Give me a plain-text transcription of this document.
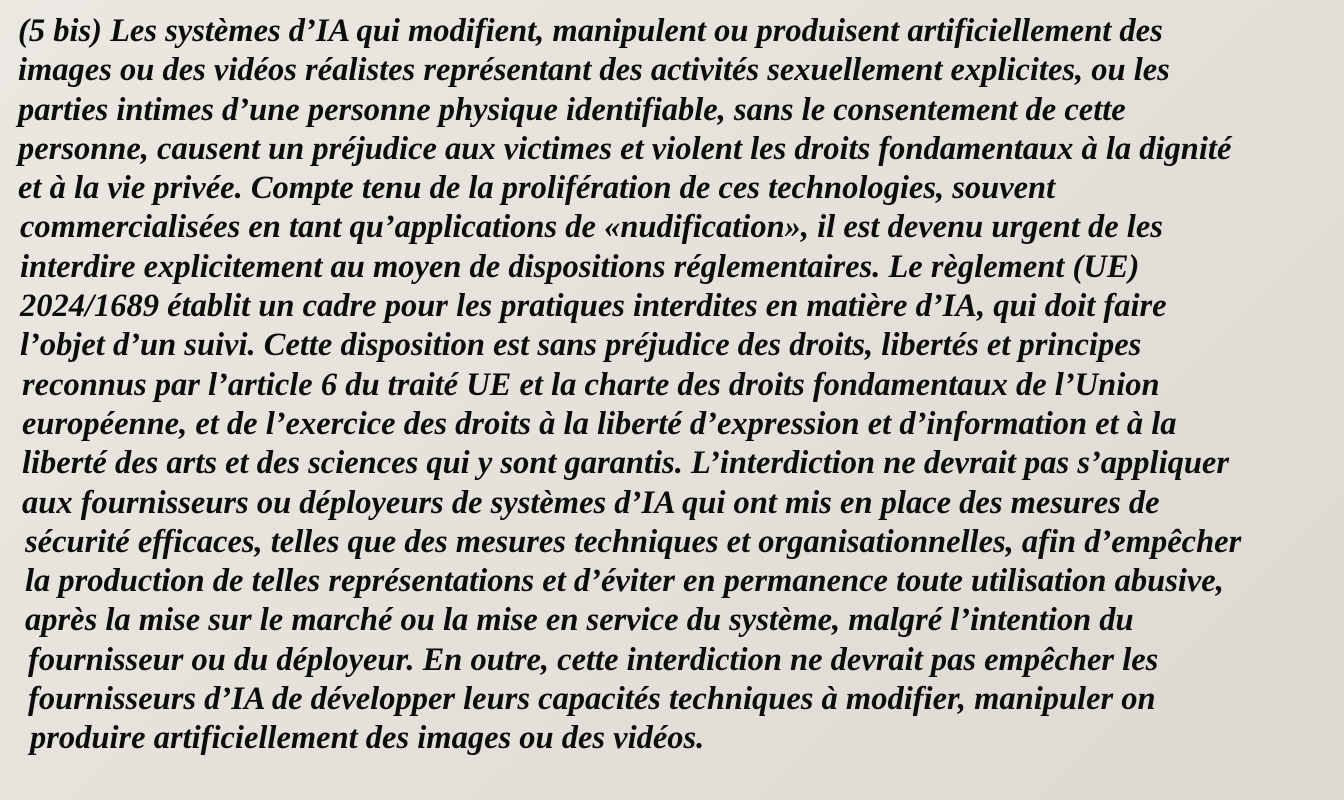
(5 bis) Les systèmes d’IA qui modifient, manipulent ou produisent artificiellement des
images ou des vidéos réalistes représentant des activités sexuellement explicites, ou les
parties intimes d’une personne physique identifiable, sans le consentement de cette
personne, causent un préjudice aux victimes et violent les droits fondamentaux à la dignité
et à la vie privée. Compte tenu de la prolifération de ces technologies, souvent
commercialisées en tant qu’applications de «nudification», il est devenu urgent de les
interdire explicitement au moyen de dispositions réglementaires. Le règlement (UE)
2024/1689 établit un cadre pour les pratiques interdites en matière d’IA, qui doit faire
l’objet d’un suivi. Cette disposition est sans préjudice des droits, libertés et principes
reconnus par l’article 6 du traité UE et la charte des droits fondamentaux de l’Union
européenne, et de l’exercice des droits à la liberté d’expression et d’information et à la
liberté des arts et des sciences qui y sont garantis. L’interdiction ne devrait pas s’appliquer
aux fournisseurs ou déployeurs de systèmes d’IA qui ont mis en place des mesures de
sécurité efficaces, telles que des mesures techniques et organisationnelles, afin d’empêcher
la production de telles représentations et d’éviter en permanence toute utilisation abusive,
après la mise sur le marché ou la mise en service du système, malgré l’intention du
fournisseur ou du déployeur. En outre, cette interdiction ne devrait pas empêcher les
fournisseurs d’IA de développer leurs capacités techniques à modifier, manipuler on
produire artificiellement des images ou des vidéos.
